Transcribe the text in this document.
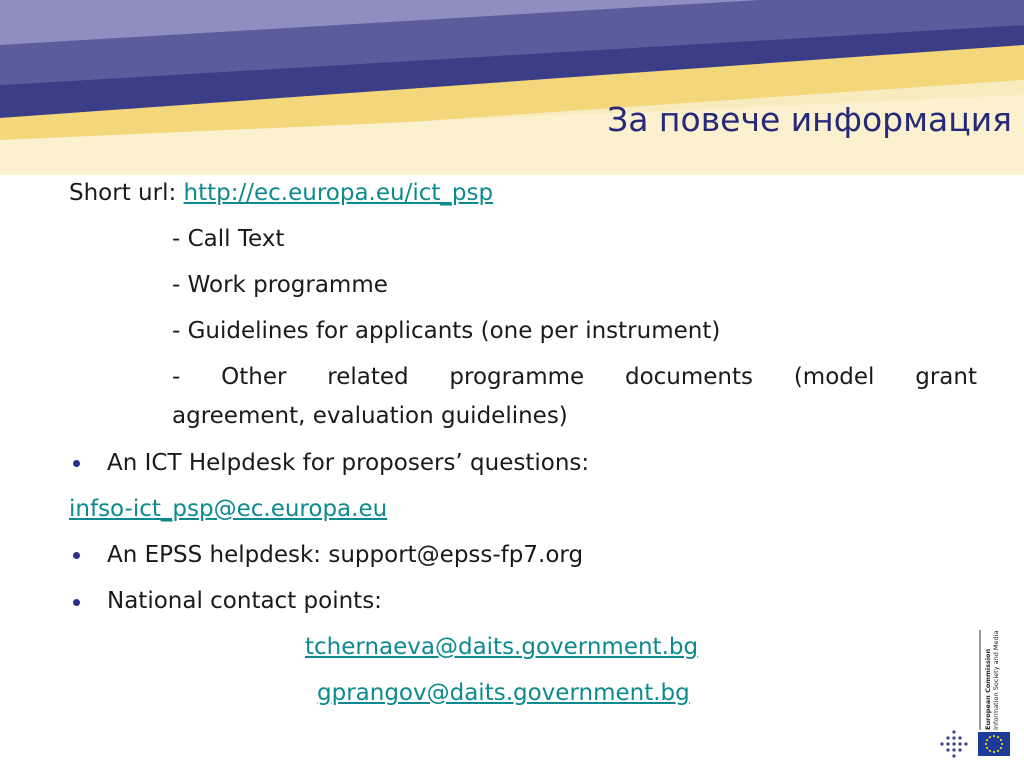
За повече информация
Short url: http://ec.europa.eu/ict_psp
- Call Text
- Work programme
- Guidelines for applicants (one per instrument)
- Other related programme documents (model grant
agreement, evaluation guidelines)
An ICT Helpdesk for proposers’ questions:
infso-ict_psp@ec.europa.eu
An EPSS helpdesk: support@epss-fp7.org
National contact points:
tchernaeva@daits.government.bg
gprangov@daits.government.bg	European Commission Information Society and Media
